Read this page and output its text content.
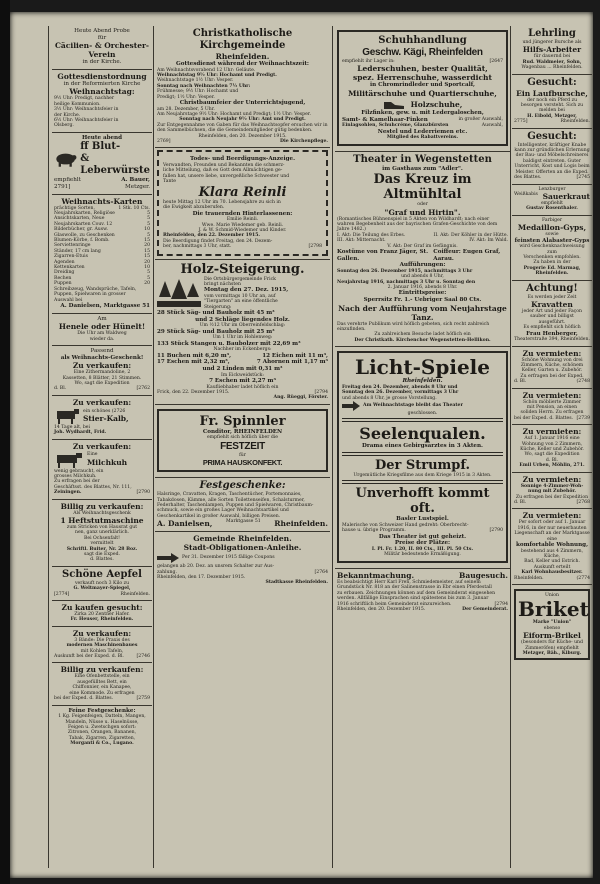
Heute Abend Probe
für
Cäcilien- & Orchester-Verein
in der Kirche.
Gottesdienstordnung
in der Reformierten Kirche
Weihnachtstag:
9½ Uhr: Predigt, nachher
heilige Kommunion.
3½ Uhr: Weihnachtsfeier in
der Kirche.
6½ Uhr: Weihnachtsfeier in
Olsberg.
Heute abend
ff Blut-
& Leberwürste
empfiehlt	A. Bauer,
2791]	Metzger.
Weihnachts-Karten
prächtige Sorten,	1 Stk. 10 Cts.
Neujahrskarten, Religiöse	5
Ansichtskarten, Neue	5
Neujahrskarten Couv. 12	5
Bilderbücher, gr. Ausw.	10
Glaswolle, zu Geschenken	5
Blumen-Körbe, f. Bomb.	15
Serviettenringe	20
Ständer, 17 cm lang	15
Zigarren-Etuis	15
Agenden	20
Kettenkarten	10
Dreiding	5
Rechen	5
Puppen	20
Schreibzeug, Wandsprüche, Tafeln,
Puppen, Spielwaren in grosser
Auswahl bei
A. Danielsen, Marktgasse 51
Am
Henele oder Hünelt!
Die Uhr am Waldweg
wieder da.
Passend
als Weihnachts-Geschenk!
Zu verkaufen:
Eine Zithermandoline, 2
Kassetten, 8 Blätter, 21 Stimmen.
Wo, sagt die Expedition
d. Bl.	[2762
Zu verkaufen:
ein schönes (2726
Stier-Kalb,
14 Tage alt, bei
Joh. Wydhardt, Frid.
Zu verkaufen:
Eine
Milchkuh
wenig gebraucht, ein
grosses Milchkuh.
Zu erfragen bei der
Geschäftsst. des Blattes, Nr. 111,
Zeiningen.	[2790
Billig zu verkaufen:
Als Weihnachtsgeschenk
1 Heftstutmaschine
zum Stricken von Hausrat gut
nen, ganz unerklärlich.
Bei Ochsenfalt!
vermittelt
Schriftl. Buiter, Nr. 28 Boz.
sagt die Exped.
d. Blattes.
Schöne Aepfel
verkauft noch 3 Kilo zu
G. Weltmayer-Spiegel,
[2774]	Rheinfelden.
Zu kaufen gesucht:
Zirka 20 Zentner Hafer.
Fr. Heuser, Rheinfelden.
Zu verkaufen:
3 Bände: Die Praxis des
modernen Maschinenbaues
mit Kohlen Tafeln,
Auskunft bei der Exped. d. Bl.	[2746
Billig zu verkaufen:
Eine Ofenbettstelle, ein
ausgefülltes Bett, ein
Chiffonnier, ein Kanapee,
eine Kommode. Zu erfragen
bei der Exped. d. Blattes.	[2759
Feine Festgeschenke:
1 Kg. Feigenfeigen, Datteln, Mangen,
Mandeln, Nüsse u. Haselnüsse,
Feigen u. Zwetschgen sofort:
Zitronen, Orangen, Bananen,
Tabak, Zigarren, Zigaretten,
Morganti & Co., Lugano.
Christkatholische Kirchgemeinde
Rheinfelden.
Gottesdienst während der Weihnachtszeit:
Am Weihnachtsvorabend 12 Uhr: Geläute.
Weihnachtstag 9½ Uhr: Hochamt und Predigt.
Weihnachtstage 1½ Uhr: Vesper.
Sonntag nach Weihnachten 7½ Uhr:
Frühmesse; 9½ Uhr: Hochamt und
Predigt; 1½ Uhr: Vesper.
Christbaumfeier der Unterrichtsjugend,
am 28. Dezember, 5 Uhr.
Am Neujahrstage 9½ Uhr: Hochamt und Predigt; 1½ Uhr: Vesper.
Sonntag nach Neujahr 9½ Uhr: Amt und Predigt.
Zur Entgegennahme von Gaben für das Weihnachtsopfer ersuchen wir in den Sammelbüchsen, die die Gemeindemitglieder gütig bedenken.
Rheinfelden, den 20. Dezember 1915.
2769]	Die Kirchenpflege.
Todes- und Beerdigungs-Anzeige.
Verwandten, Freunden und Bekannten die schmerz-
liche Mitteilung, daß es Gott dem Allmächtigen ge-
fallen hat, unsere liebe, unvergeßliche Schwester und
Tante
Klara Reinli
heute Mittag 12 Uhr im 70. Lebensjahre zu sich in
die Ewigkeit abzuberufen.
Die trauernden Hinterlassenen:
Emilie Reinli.
Wwe. Marie Wiedemer geb. Reinli.
J. & W. Schmid-Wiedemer und Kinder.
Rheinfelden, den 22. Dezember 1915.
Die Beerdigung findet Freitag, den 24. Dezem-
ber, nachmittags 3 Uhr, statt.	[2798
Holz-Steigerung.
Die Ortsbürgergemeinde Frick
bringt nächsten
Montag den 27. Dez. 1915,
vom vormittags 10 Uhr an, auf
"Tiergarten" an eine öffentliche
Steigerung:
28 Stück Säg- und Bauholz mit 45 m³
und 2 Schläge liegendes Holz.
Um ½12 Uhr im Oberreinfeldschlag:
29 Stück Säg- und Bauholz mit 25 m³
Um 1 Uhr im Hohlenweg:
133 Stück Stangen u. Baubolzer mit 22,69 m³
Nachher im Eckenbergs:
11 Buchen mit 6,20 m³,	12 Eichen mit 11 m³,
17 Eschen mit 2,32 m³,	7 Ahornen mit 1,17 m³
und 2 Linden mit 0,31 m³
Im Eickweidstück:
7 Eschen mit 2,27 m³
Kaufliebhaber ladet höflich ein
Frick, den 22. Dezember 1915.	[2794
Ang. Rüeggi, Förster.
Fr. Spinnler
Conditor, RHEINFELDEN
empfiehlt sich höflich über die
FESTZEIT
für
PRIMA HAUSKONFEKT.
Festgeschenke:
Halsringe, Cravatten, Kragen, Taschentücher, Portemonnaies,
Tabakdosen, Kämme, alle Sorten Toilettenseifen, Schalsturmer,
Federhalter, Taschenlampen, Puppen und Spielwaren, Christbaum-
schmuck, sowie ein großes Lager Weihnachtsartikel und
Geschenkartikel in großer Auswahl, billigen Preisen.
A. Danielsen,	Marktgasse 51 Rheinfelden.
Gemeinde Rheinfelden.
Stadt-Obligationen-Anleihe.
Per 31. Dezember 1915 fällige Coupons
gelangen ab 20. Dez. an unsrem Schalter zur Aus-
zahlung.	[2764
Rheinfelden, den 17. Dezember 1915.
Stadtkasse Rheinfelden.
Schuhhandlung
Geschw. Kägi, Rheinfelden
empfiehlt ihr Lager in:	[2647
Lederschuhen, bester Qualität,
spez. Herrenschuhe, wasserdicht
in Chromrindleder und Sportcalf,
Militärschuhe und Quartierschuhe,
Holzschuhe,
Filzfinken, gew. u. mit Ledergaloschen,
Samt- & Kamelhaar-Finken	in großer Auswahl,
Einlagsohlen, Schuhcréme, Glanzbürsten	Auswahl,
Nestel und Lederriemen etc.
Mitglied des Rabattvereins.
Theater in Wegenstetten
im Gasthaus zum "Adler".
Das Kreuz im Altmühltal
oder
"Graf und Hirtin".
(Romantisches Bühnenspiel in 5 Akten von Wildhardt; nach einer wahren Begebenheit aus der bayrischen Grafen-Geschichte von dem Jahre 1482.)
I. Akt: Die Teilung des Erbes.	II. Akt: Der Köhler in der Hütte.
III. Akt: Mitternacht.	IV. Akt: Im Wald.
V. Akt: Der Graf im Gefängnis.
Kostüme von Franz Jäger, St. Gallen.
Coiffeur: Eugen Graf, Aarau.
Aufführungen:
Sonntag den 26. Dezember 1915, nachmittags 3 Uhr
und abends 8 Uhr,
Neujahrstag 1916, nachmittags 3 Uhr u. Sonntag den
2. Januar 1916, abends 8 Uhr.
Eintrittspreise:
Sperrsitz Fr. 1.- Uebriger Saal 80 Cts.
Nach der Aufführung vom Neujahrstage Tanz.
Das verehrte Publikum wird höflich gebeten, sich recht zahlreich einzufinden.
Zu zahlreichem Besuche ladet höflich ein
Der Christkath. Kirchenchor Wegenstetten-Hellikon.
Licht-Spiele
Rheinfelden.
Freitag den 24. Dezember, abends 8 Uhr und
Sonntag den 26. Dezember, vormittags 3 Uhr
und abends 8 Uhr, je grosse Vorstellung.
Am Weihnachtstage bleibt das Theater
geschlossen.
Seelenqualen.
Drama eines Gebirgsarztes in 3 Akten.
Der Strumpf.
Urgemütliche Kriegsfilme aus dem Kriege 1915 in 3 Akten.
Unverhofft kommt oft.
Basler Lustspiel.
Malerische von Schweizer Hand gedreht: Oberbrecht-
hause u. übrige Programm.	[2790
Das Theater ist gut geheizt.
Preise der Plätze:
I. Pl. Fr. 1.20, II. 80 Cts., III. Pl. 50 Cts.
Militär bedeutende Ermäßigung.
Bekanntmachung.	Baugesuch.
Es beabsichtigt Herr Karl Fren, Schmiedemeister, auf seinem
Grundstück Nr. 818 an der Salinenstrasse in Ebr einen Pferdestall
zu erbauen. Zeichnungen können auf dem Gemeinderat eingesehen
werden. Allfällige Einsprachen sind spätestens bis zum 3. Januar
1916 schriftlich beim Gemeinderat einzureichen.	[2794
Rheinfelden, den 20. Dezember 1915.	Der Gemeinderat.
Lehrling
und jüngerer Bursche als
Hilfs-Arbeiter
für dauernd bei
Rud. Waldmeier, Sohn,
Wagenbau ... Rheinfelden.
Gesucht:
Ein Laufbursche,
der noch ein Pferd zu
besorgen versteht. Sich zu
melden bei
H. Eibold, Metzger,
2775]	Rheinfelden.
Gesucht:
Intelligenter, kräftiger Knabe
kann zur gründlichen Erlernung
der Bau- und Möbelschreinerei
baldigst eintreten. Guter
Unterricht, Kost und Logis beim
Meister. Offerten an die Exped.
des Blattes.	[2745
Lenzburger
Weißkabis Sauerkraut
empfiehlt
Gustav Rosenthaler.
Farbiger
Medaillon-Gyps,
sowie
feinsten Alabaster-Gyps
wird Geschenknachweisung zum
Verschenken empfohlen.
Zu haben in der
Progerie Ed. Marmag,
Rheinfelden.
Achtung!
Es werden jeder Zeit
Kravatten
jeder Art und jeder Façon
sauber und billigst
ausgeführt.
Es empfiehlt sich höflich
Frau Henberger,
Theaterstraße 394, Rheinfelden.
Zu vermieten:
Schöne Wohnung von drei
Zimmern, Küche, schönem
Keller, Garten u. Zubehör.
Zu erfragen bei der Exped.
d. Bl.	(2748
Zu vermieten:
Schön möblierte Zimmer
mit Pension, an einen
soliden Herrn. Zu erfragen
bei der Exped. d. Blattes. [2739
Zu vermieten:
Auf 1. Januar 1916 eine
Wohnung von 2 Zimmern,
Küche, Keller und Zubehör.
Wo, sagt die Expedition
d. Bl.
Emil Urben, Möhlin, 271.
Zu vermieten:
Sonnige 4-Zimmer-Woh-
nung mit Zubehör.
Zu erfragen bei der Expedition
d. Bl.	[2768
Zu vermieten:
Per sofort oder auf 1. Januar
1916, in der nur neuerbauten
Liegenschaft an der Marktgasse
eine
komfortable Wohnung,
bestehend aus 4 Zimmern, Küche,
Bad, Keller und Estrich.
Auskunft erteilt
Karl Wohnhausbesitzer.
Rheinfelden.	(2774
Union
Briket
Marke "Union"
ebenso
Eiform-Brikel
(besonders für Küche- und
Zimmeröfen) empfiehlt
Metzger, Bäh., Kiburg.
